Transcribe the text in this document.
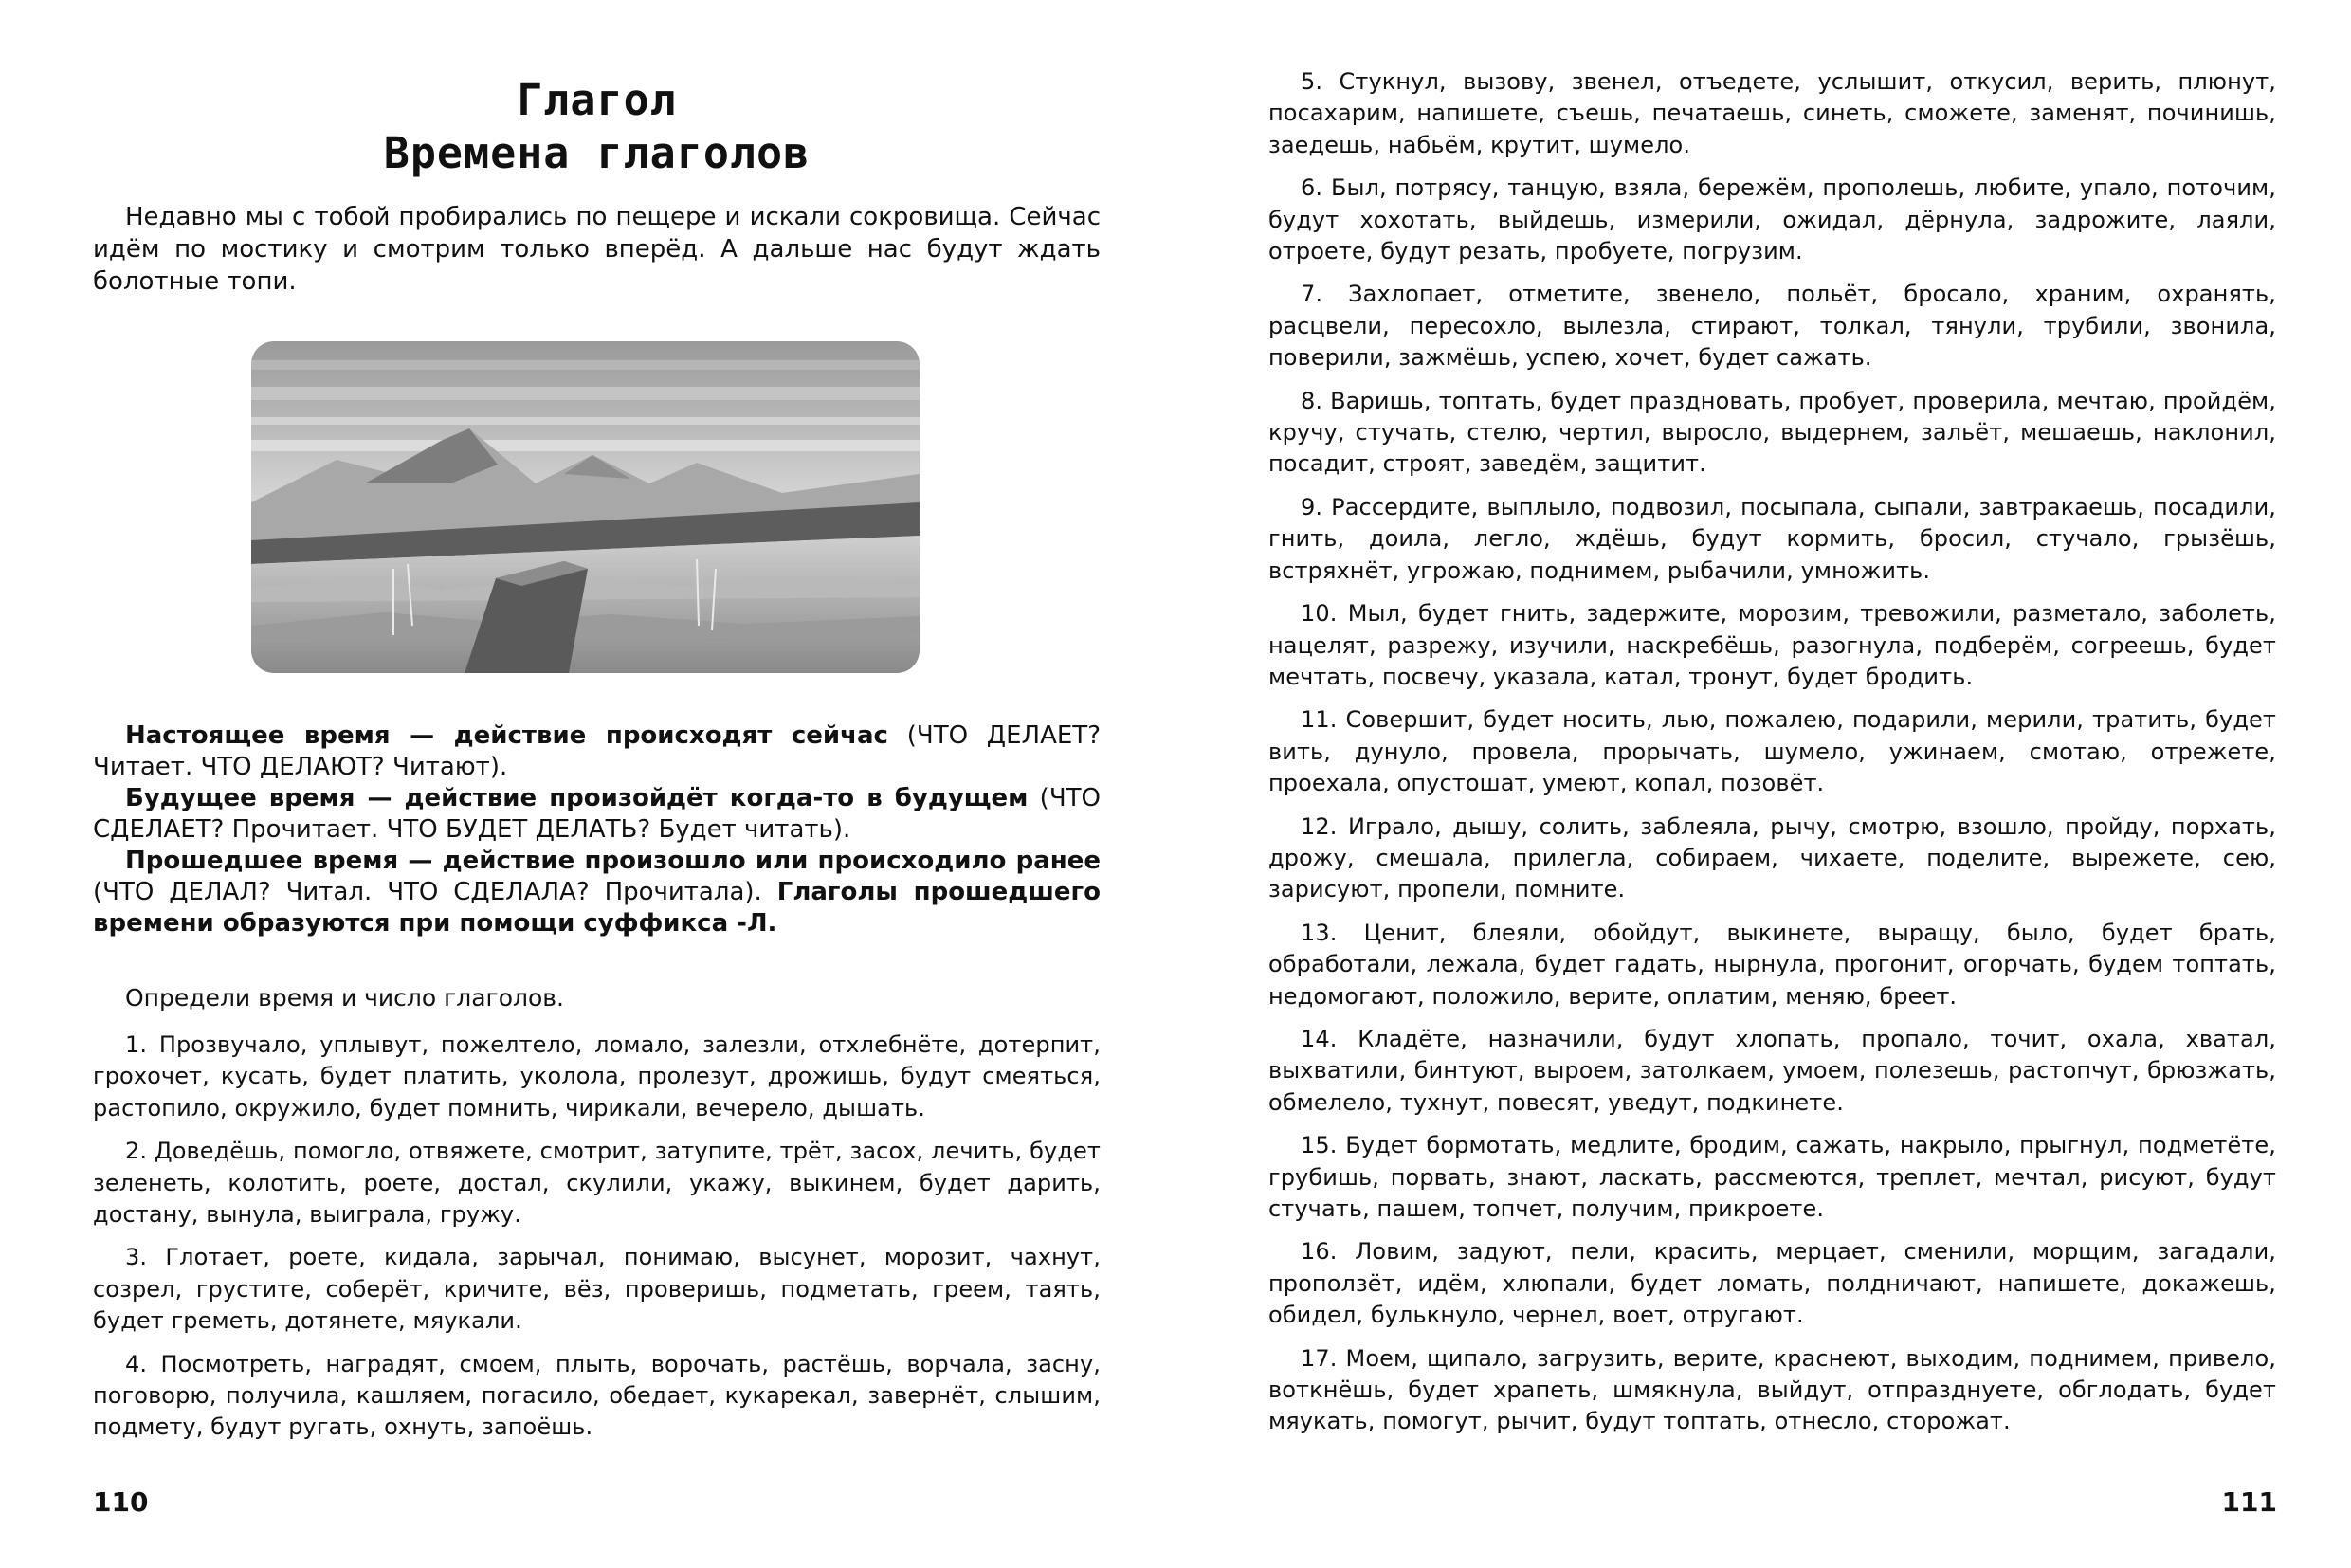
Глагол
Времена глаголов

Недавно мы с тобой пробирались по пещере и искали сокровища. Сейчас идём по мостику и смотрим только вперёд. А дальше нас будут ждать болотные топи.

Настоящее время — действие происходят сейчас (ЧТО ДЕЛАЕТ? Читает. ЧТО ДЕЛАЮТ? Читают).

Будущее время — действие произойдёт когда-то в будущем (ЧТО СДЕЛАЕТ? Прочитает. ЧТО БУДЕТ ДЕЛАТЬ? Будет читать).

Прошедшее время — действие произошло или происходило ранее (ЧТО ДЕЛАЛ? Читал. ЧТО СДЕЛАЛА? Прочитала). Глаголы прошедшего времени образуются при помощи суффикса -Л.

Определи время и число глаголов.

1. Прозвучало, уплывут, пожелтело, ломало, залезли, отхлебнёте, дотерпит, грохочет, кусать, будет платить, уколола, пролезут, дрожишь, будут смеяться, растопило, окружило, будет помнить, чирикали, вечерело, дышать.

2. Доведёшь, помогло, отвяжете, смотрит, затупите, трёт, засох, лечить, будет зеленеть, колотить, роете, достал, скулили, укажу, выкинем, будет дарить, достану, вынула, выиграла, гружу.

3. Глотает, роете, кидала, зарычал, понимаю, высунет, морозит, чахнут, созрел, грустите, соберёт, кричите, вёз, проверишь, подметать, греем, таять, будет греметь, дотянете, мяукали.

4. Посмотреть, наградят, смоем, плыть, ворочать, растёшь, ворчала, засну, поговорю, получила, кашляем, погасило, обедает, кукарекал, завернёт, слышим, подмету, будут ругать, охнуть, запоёшь.

110

5. Стукнул, вызову, звенел, отъедете, услышит, откусил, верить, плюнут, посахарим, напишете, съешь, печатаешь, синеть, сможете, заменят, починишь, заедешь, набьём, крутит, шумело.

6. Был, потрясу, танцую, взяла, бережём, прополешь, любите, упало, поточим, будут хохотать, выйдешь, измерили, ожидал, дёрнула, задрожите, лаяли, отроете, будут резать, пробуете, погрузим.

7. Захлопает, отметите, звенело, польёт, бросало, храним, охранять, расцвели, пересохло, вылезла, стирают, толкал, тянули, трубили, звонила, поверили, зажмёшь, успею, хочет, будет сажать.

8. Варишь, топтать, будет праздновать, пробует, проверила, мечтаю, пройдём, кручу, стучать, стелю, чертил, выросло, выдернем, зальёт, мешаешь, наклонил, посадит, строят, заведём, защитит.

9. Рассердите, выплыло, подвозил, посыпала, сыпали, завтракаешь, посадили, гнить, доила, легло, ждёшь, будут кормить, бросил, стучало, грызёшь, встряхнёт, угрожаю, поднимем, рыбачили, умножить.

10. Мыл, будет гнить, задержите, морозим, тревожили, разметало, заболеть, нацелят, разрежу, изучили, наскребёшь, разогнула, подберём, согреешь, будет мечтать, посвечу, указала, катал, тронут, будет бродить.

11. Совершит, будет носить, лью, пожалею, подарили, мерили, тратить, будет вить, дунуло, провела, прорычать, шумело, ужинаем, смотаю, отрежете, проехала, опустошат, умеют, копал, позовёт.

12. Играло, дышу, солить, заблеяла, рычу, смотрю, взошло, пройду, порхать, дрожу, смешала, прилегла, собираем, чихаете, поделите, вырежете, сею, зарисуют, пропели, помните.

13. Ценит, блеяли, обойдут, выкинете, выращу, было, будет брать, обработали, лежала, будет гадать, нырнула, прогонит, огорчать, будем топтать, недомогают, положило, верите, оплатим, меняю, бреет.

14. Кладёте, назначили, будут хлопать, пропало, точит, охала, хватал, выхватили, бинтуют, выроем, затолкаем, умоем, полезешь, растопчут, брюзжать, обмелело, тухнут, повесят, уведут, подкинете.

15. Будет бормотать, медлите, бродим, сажать, накрыло, прыгнул, подметёте, грубишь, порвать, знают, ласкать, рассмеются, треплет, мечтал, рисуют, будут стучать, пашем, топчет, получим, прикроете.

16. Ловим, задуют, пели, красить, мерцает, сменили, морщим, загадали, проползёт, идём, хлюпали, будет ломать, полдничают, напишете, докажешь, обидел, булькнуло, чернел, воет, отругают.

17. Моем, щипало, загрузить, верите, краснеют, выходим, поднимем, привело, воткнёшь, будет храпеть, шмякнула, выйдут, отпразднуете, обглодать, будет мяукать, помогут, рычит, будут топтать, отнесло, сторожат.

111
